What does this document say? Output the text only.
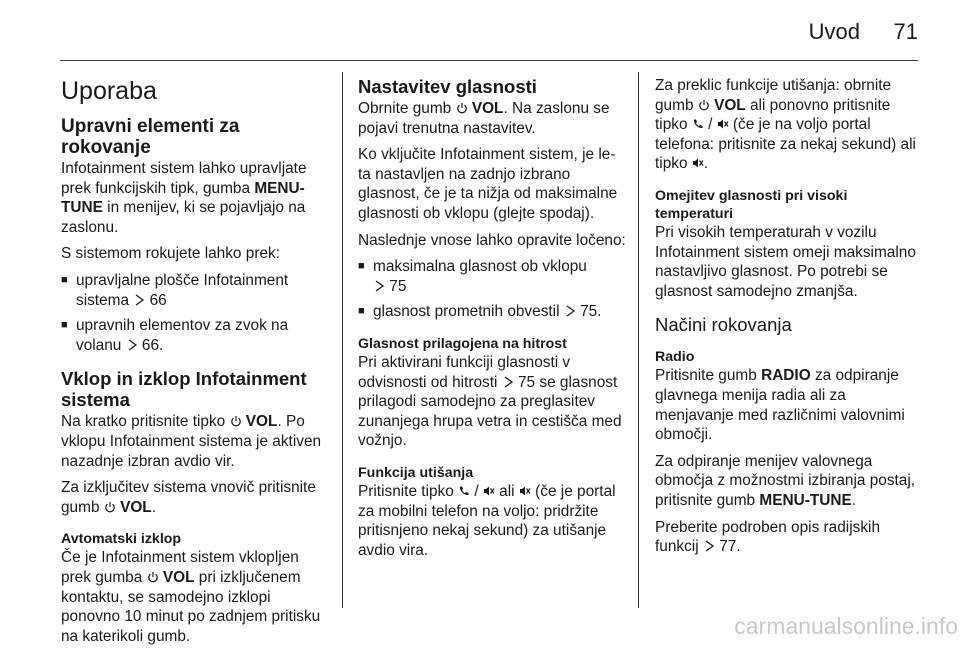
Uvod	71
Uporaba
Upravni elementi za rokovanje

Infotainment sistem lahko upravljate prek funkcijskih tipk, gumba MENU-TUNE in menijev, ki se pojavljajo na zaslonu.

S sistemom rokujete lahko prek:

■ upravljalne plošče Infotainment sistema 66
■ upravnih elementov za zvok na volanu 66.
Vklop in izklop Infotainment sistema

Na kratko pritisnite tipko
VOL. Po vklopu Infotainment sistema je aktiven nazadnje izbran avdio vir.

Za izključitev sistema vnovič pritisnite gumb
VOL.

Avtomatski izklop

Če je Infotainment sistem vklopljen prek gumba
VOL pri izključenem kontaktu, se samodejno izklopi ponovno 10 minut po zadnjem pritisku na katerikoli gumb.

Nastavitev glasnosti

Obrnite gumb
VOL. Na zaslonu se pojavi trenutna nastavitev.

Ko vključite Infotainment sistem, je le-ta nastavljen na zadnjo izbrano glasnost, če je ta nižja od maksimalne glasnosti ob vklopu (glejte spodaj).

Naslednje vnose lahko opravite ločeno:

■ maksimalna glasnost ob vklopu

75
■ glasnost prometnih obvestil 75.
Glasnost prilagojena na hitrost

Pri aktivirani funkciji glasnosti v odvisnosti od hitrosti
75 se glasnost prilagodi samodejno za preglasitev zunanjega hrupa vetra in cestišča med vožnjo.

Funkcija utišanja

Pritisnite tipko
/
ali
(če je portal za mobilni telefon na voljo: pridržite pritisnjeno nekaj sekund) za utišanje avdio vira.

Za preklic funkcije utišanja: obrnite gumb
VOL ali ponovno pritisnite tipko
/
(če je na voljo portal telefona: pritisnite za nekaj sekund) ali tipko
.

Omejitev glasnosti pri visoki temperaturi

Pri visokih temperaturah v vozilu Infotainment sistem omeji maksimalno nastavljivo glasnost. Po potrebi se glasnost samodejno zmanjša.

Načini rokovanja
Radio

Pritisnite gumb RADIO za odpiranje glavnega menija radia ali za menjavanje med različnimi valovnimi območji.

Za odpiranje menijev valovnega območja z možnostmi izbiranja postaj, pritisnite gumb MENU-TUNE.

Preberite podroben opis radijskih funkcij
77.

carmanualsonline.info
